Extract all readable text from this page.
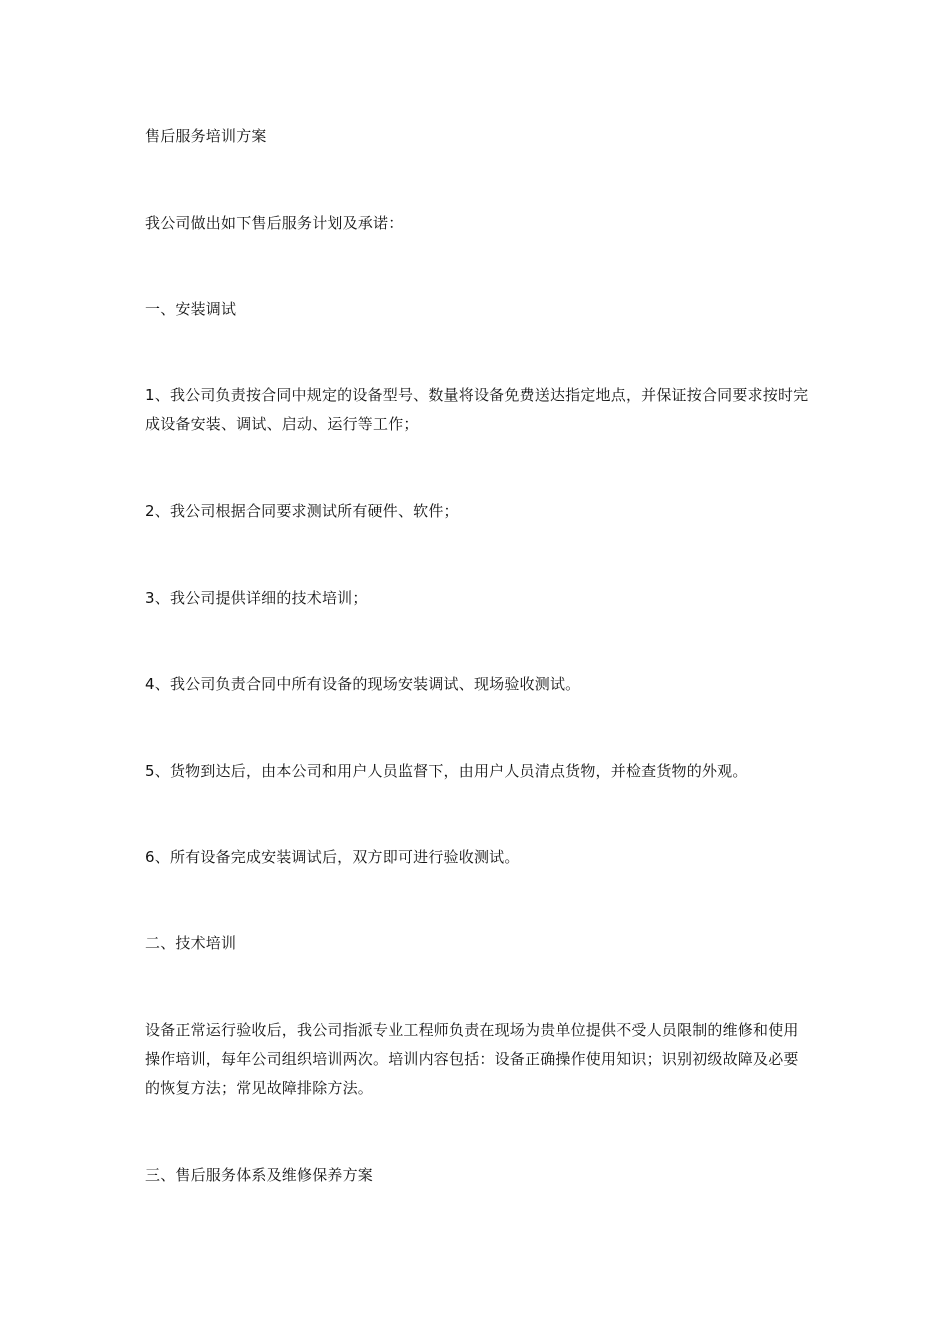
售后服务培训方案

我公司做出如下售后服务计划及承诺：

一、安装调试

1、我公司负责按合同中规定的设备型号、数量将设备免费送达指定地点，并保证按合同要求按时完成设备安装、调试、启动、运行等工作；

2、我公司根据合同要求测试所有硬件、软件；

3、我公司提供详细的技术培训；

4、我公司负责合同中所有设备的现场安装调试、现场验收测试。

5、货物到达后，由本公司和用户人员监督下，由用户人员清点货物，并检查货物的外观。

6、所有设备完成安装调试后，双方即可进行验收测试。

二、技术培训

设备正常运行验收后，我公司指派专业工程师负责在现场为贵单位提供不受人员限制的维修和使用操作培训，每年公司组织培训两次。培训内容包括：设备正确操作使用知识；识别初级故障及必要的恢复方法；常见故障排除方法。

三、售后服务体系及维修保养方案
